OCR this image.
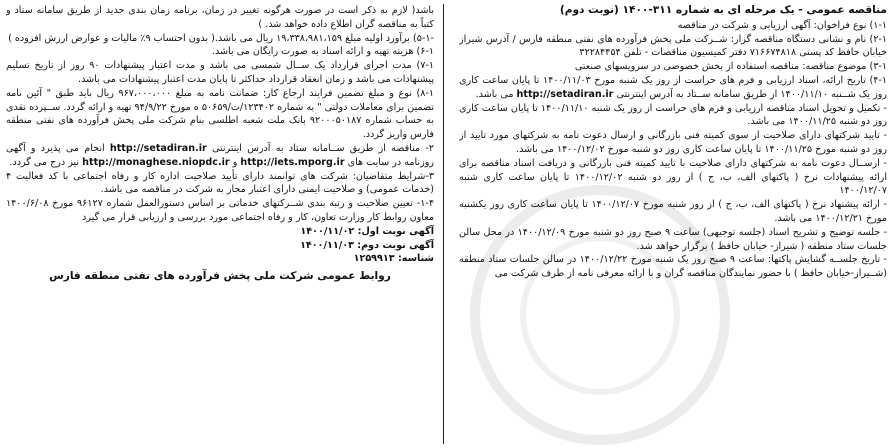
مناقصه عمومی - یک مرحله ای به شماره ۳۱۱-۱۴۰۰ (نوبت دوم)

۱-۱) نوع فراخوان: آگهی ارزیابی و شرکت در مناقصه

۲-۱) نام و نشانی دستگاه مناقصه گزار: شــرکت ملی پخش فرآورده های نفتی منطقه فارس / آدرس شیراز خیابان حافظ کد پستی ۷۱۶۶۷۴۸۱۸ دفتر کمیسیون مناقصات - تلفن ۳۲۲۸۴۴۵۴

۳-۱) موضوع مناقصه: مناقصه استفاده از بخش خصوصی در سرویسهای صنعتی

۴-۱) تاریخ ارائه، اسناد ارزیابی و فرم های حراست از روز یک شنبه مورخ ۱۴۰۰/۱۱/۰۳ تا پایان ساعت کاری روز یک شــنبه ۱۴۰۰/۱۱/۱۰ از طریق سامانه ســتاد به آدرس اینترنتی http://setadiran.ir می باشد.

- تکمیل و تحویل اسناد مناقصه ارزیابی و فرم های حراست از روز یک شنبه ۱۴۰۰/۱۱/۱۰ تا پایان ساعت کاری روز دو شنبه ۱۴۰۰/۱۱/۲۵ می باشد.

- تایید شرکتهای دارای صلاحیت از سوی کمیته فنی بازرگانی و ارسال دعوت نامه به شرکتهای مورد تایید از روز دو شنبه مورخ ۱۴۰۰/۱۱/۲۵ تا پایان ساعت کاری روز دو شنبه مورخ ۱۴۰۰/۱۲/۰۲ می باشد.

- ارســال دعوت نامه به شرکتهای دارای صلاحیت با تایید کمیته فنی بازرگانی و دریافت اسناد مناقصه برای ارائه پیشنهادات نرخ ( پاکتهای الف، ب، ج ) از روز دو شنبه ۱۴۰۰/۱۲/۰۲ تا پایان ساعت کاری شنبه ۱۴۰۰/۱۲/۰۷

- ارائه پیشنهاد نرخ ( پاکتهای الف، ب، ج ) از روز شنبه مورخ ۱۴۰۰/۱۲/۰۷ تا پایان ساعت کاری روز یکشنبه مورخ ۱۴۰۰/۱۲/۲۱ می باشد.

- جلسه توضیح و تشریح اسناد (جلسه توجیهی) ساعت ۹ صبح روز دو شنبه مورخ ۱۴۰۰/۱۲/۰۹ در محل سالن جلسات ستاد منطقه ( شیراز- خیابان حافظ ) برگزار خواهد شد.

- تاریخ جلســه گشایش پاکتها: ساعت ۹ صبح روز یک شنبه مورخ ۱۴۰۰/۱۲/۲۲ در سالن جلسات ستاد منطقه (شــیراز-خیابان حافظ ) با حضور نمایندگان مناقصه گران و با ارائه معرفی نامه از طرف شرکت می

باشد( لازم به ذکر است در صورت هرگونه تغییر در زمان، برنامه زمان بندی جدید از طریق سامانه ستاد و کتباً به مناقصه گران اطلاع داده خواهد شد. )

-۵-۱) برآورد اولیه مبلغ ۱۹،۳۳۸،۹۸۱،۱۵۹ ریال می باشد.( بدون احتساب ۹٪ مالیات و عوارض ارزش افزوده )

۶-۱) هزینه تهیه و ارائه اسناد به صورت رایگان می باشد.

۷-۱) مدت اجرای قرارداد یک ســال شمسی می باشد و مدت اعتبار پیشنهادات ۹۰ روز از تاریخ تسلیم پیشنهادات می باشد و زمان انعقاد قرارداد حداکثر تا پایان مدت اعتبار پیشنهادات می باشد.

۸-۱) نوع و مبلغ تضمین فرایند ارجاع کار: ضمانت نامه به مبلغ ۹۶۷،۰۰۰،۰۰۰ ریال باید طبق " آئین نامه تضمین برای معاملات دولتی " به شماره ۱۲۳۴۰۲/ت/۵۰۶۵۹ ه مورخ ۹۴/۹/۲۲ تهیه و ارائه گردد. ســپرده نقدی به حساب شماره ۹۲۰۰۰۵۰۱۸۷ بانک ملت شعبه اطلسی بنام شرکت ملی پخش فرآورده های نفتی منطقه فارس واریز گردد.

۲- مناقصه از طریق ســامانه ستاد به آدرس اینترنتی http://setadiran.ir انجام می پذیرد و آگهی روزنامه در سایت های http://iets.mporg.ir و http://monaghese.niopdc.ir نیز درج می گردد.

۳-شرایط متقاضیان: شرکت های توانمند دارای تأیید صلاحیت اداره کار و رفاه اجتماعی با کد فعالیت ۴ (خدمات عمومی) و صلاحیت ایمنی دارای اعتبار مجاز به شرکت در مناقصه می باشد.

۱-۴- تعیین صلاحیت و رتبه بندی شــرکتهای خدماتی بر اساس دستورالعمل شماره ۹۶۱۲۷ مورخ ۱۴۰۰/۶/۰۸ معاون روابط کار وزارت تعاون، کار و رفاه اجتماعی مورد بررسی و ارزیابی قرار می گیرد

آگهی نوبت اول: ۱۴۰۰/۱۱/۰۲

آگهی نوبت دوم: ۱۴۰۰/۱۱/۰۳

شناسه: ۱۲۵۹۹۱۳

روابط عمومی شرکت ملی پخش فرآورده های نفتی منطقه فارس
